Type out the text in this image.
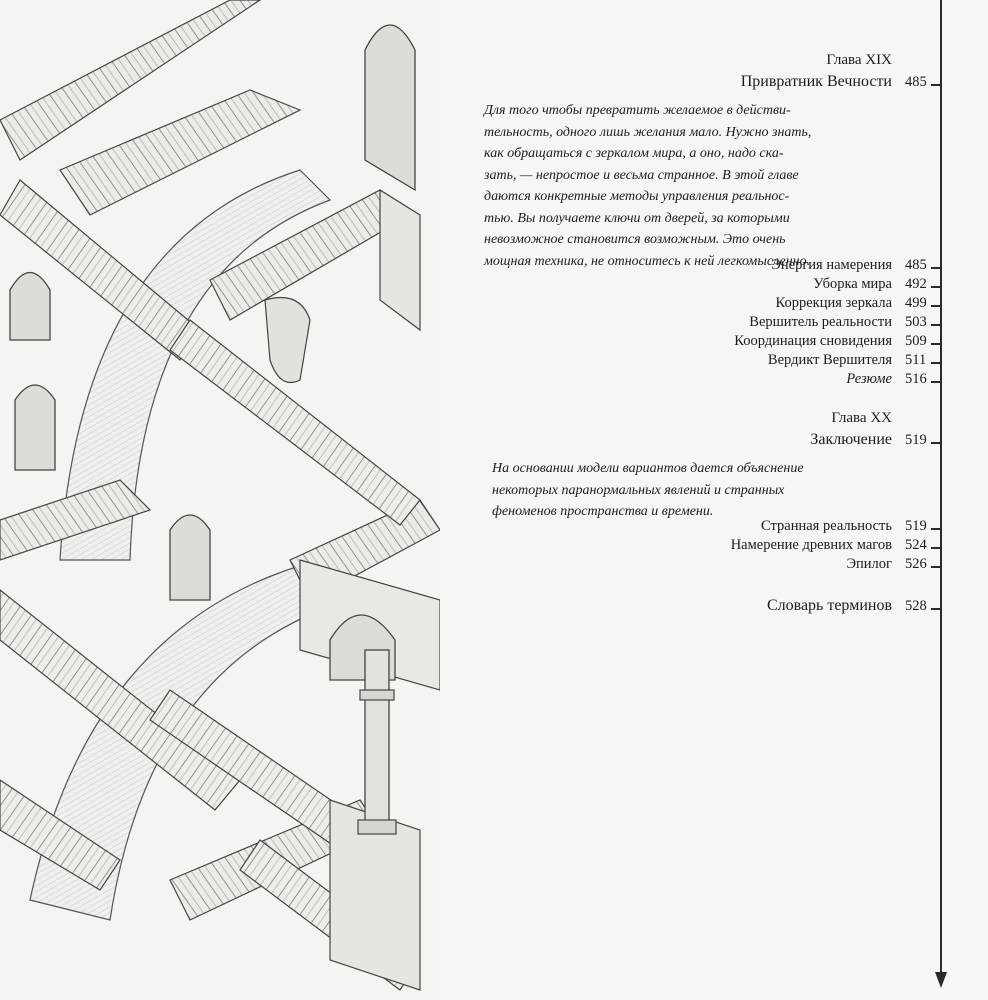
Глава XIX
Привратник Вечности 485
Для того чтобы превратить желаемое в действи-
тельность, одного лишь желания мало. Нужно знать,
как обращаться с зеркалом мира, а оно, надо ска-
зать, — непростое и весьма странное. В этой главе
даются конкретные методы управления реальнос-
тью. Вы получаете ключи от дверей, за которыми
невозможное становится возможным. Это очень
мощная техника, не относитесь к ней легкомысленно.
Энергия намерения 485
Уборка мира 492
Коррекция зеркала 499
Вершитель реальности 503
Координация сновидения 509
Вердикт Вершителя 511
Резюме 516
Глава XX
Заключение 519
На основании модели вариантов дается объяснение
некоторых паранормальных явлений и странных
феноменов пространства и времени.
Странная реальность 519
Намерение древних магов 524
Эпилог 526
Словарь терминов 528
